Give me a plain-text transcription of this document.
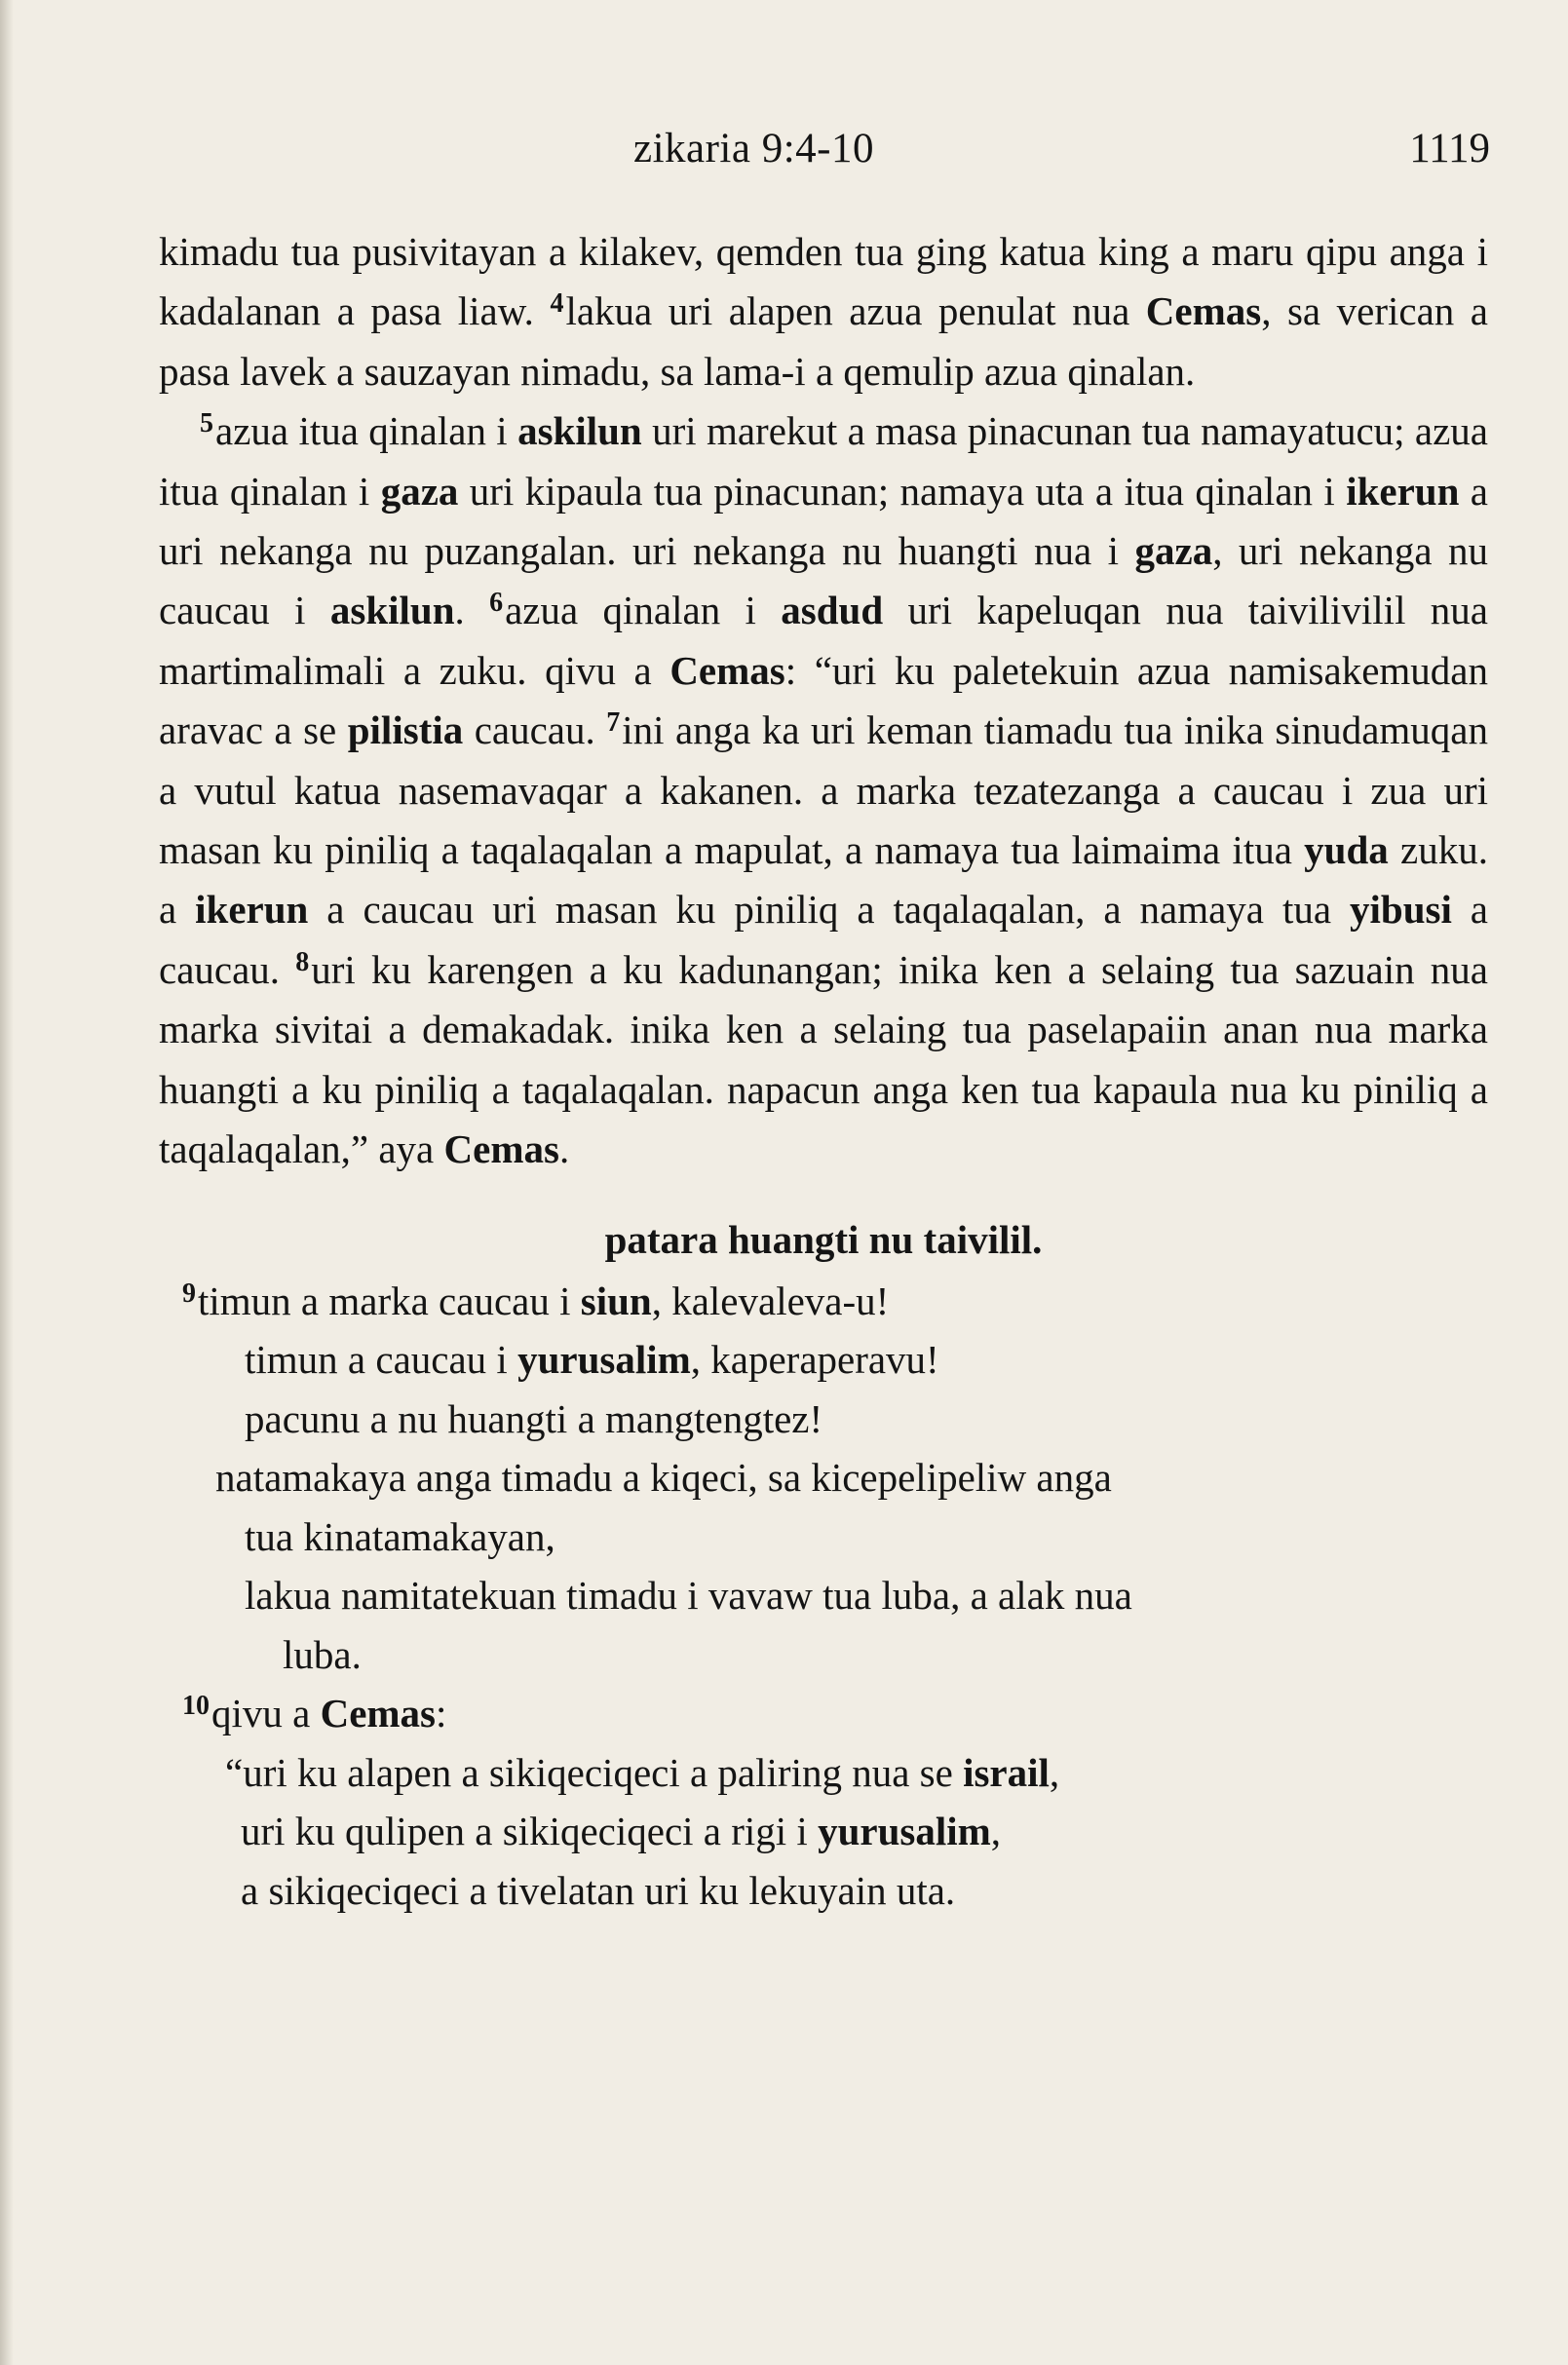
zikaria 9:4-10	1119

kimadu tua pusivitayan a kilakev, qemden tua ging katua king a maru qipu anga i kadalanan a pasa liaw. $^4$lakua uri alapen azua penulat nua Cemas, sa verican a pasa lavek a sauzayan nimadu, sa lama-i a qemulip azua qinalan.

$^5$azua itua qinalan i askilun uri marekut a masa pinacunan tua namayatucu; azua itua qinalan i gaza uri kipaula tua pinacunan; namaya uta a itua qinalan i ikerun a uri nekanga nu puzangalan. uri nekanga nu huangti nua i gaza, uri nekanga nu caucau i askilun. $^6$azua qinalan i asdud uri kapeluqan nua taivilivilil nua martimalimali a zuku. qivu a Cemas: “uri ku paletekuin azua namisakemudan aravac a se pilistia caucau. $^7$ini anga ka uri keman tiamadu tua inika sinudamuqan a vutul katua nasemavaqar a kakanen. a marka tezatezanga a caucau i zua uri masan ku piniliq a taqalaqalan a mapulat, a namaya tua laimaima itua yuda zuku. a ikerun a caucau uri masan ku piniliq a taqalaqalan, a namaya tua yibusi a caucau. $^8$uri ku karengen a ku kadunangan; inika ken a selaing tua sazuain nua marka sivitai a demakadak. inika ken a selaing tua paselapaiin anan nua marka huangti a ku piniliq a taqalaqalan. napacun anga ken tua kapaula nua ku piniliq a taqalaqalan,” aya Cemas.

patara huangti nu taivilil.
$^9$timun a marka caucau i siun, kalevaleva-u!
timun a caucau i yurusalim, kaperaperavu!
pacunu a nu huangti a mangtengtez!
natamakaya anga timadu a kiqeci, sa kicepelipeliw anga
tua kinatamakayan,
lakua namitatekuan timadu i vavaw tua luba, a alak nua
luba.
$^{10}$qivu a Cemas:
“uri ku alapen a sikiqeciqeci a paliring nua se israil,
uri ku qulipen a sikiqeciqeci a rigi i yurusalim,
a sikiqeciqeci a tivelatan uri ku lekuyain uta.
